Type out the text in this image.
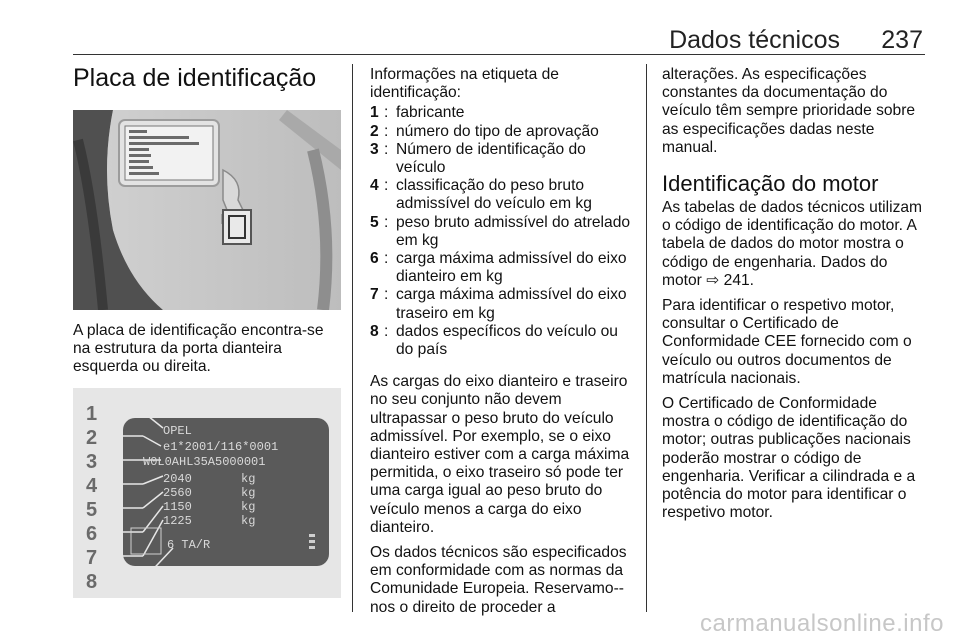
Dados técnicos 237
Placa de identificação
A placa de identificação encontra-se na estrutura da porta dianteira esquerda ou direita.
1
2
3
4
5
6
7
8
OPEL
e1*2001/116*0001
W0L0AHL35A5000001
2040
2560
1150
1225
kg
kg
kg
kg
6 TA/R

Informações na etiqueta de identificação:

1 : fabricante
2 : número do tipo de aprovação
3 : Número de identificação do veículo
4 : classificação do peso bruto admissível do veículo em kg
5 : peso bruto admissível do atrelado em kg
6 : carga máxima admissível do eixo dianteiro em kg
7 : carga máxima admissível do eixo traseiro em kg
8 : dados específicos do veículo ou do país

As cargas do eixo dianteiro e traseiro no seu conjunto não devem ultrapassar o peso bruto do veículo admissível. Por exemplo, se o eixo dianteiro estiver com a carga máxima permitida, o eixo traseiro só pode ter uma carga igual ao peso bruto do veículo menos a carga do eixo dianteiro.

Os dados técnicos são especificados em conformidade com as normas da Comunidade Europeia. Reservamo--nos o direito de proceder a

alterações. As especificações constantes da documentação do veículo têm sempre prioridade sobre as especificações dadas neste manual.

Identificação do motor

As tabelas de dados técnicos utilizam o código de identificação do motor. A tabela de dados do motor mostra o código de engenharia. Dados do motor ⇨ 241.

Para identificar o respetivo motor, consultar o Certificado de Conformidade CEE fornecido com o veículo ou outros documentos de matrícula nacionais.

O Certificado de Conformidade mostra o código de identificação do motor; outras publicações nacionais poderão mostrar o código de engenharia. Verificar a cilindrada e a potência do motor para identificar o respetivo motor.

carmanualsonline.info
